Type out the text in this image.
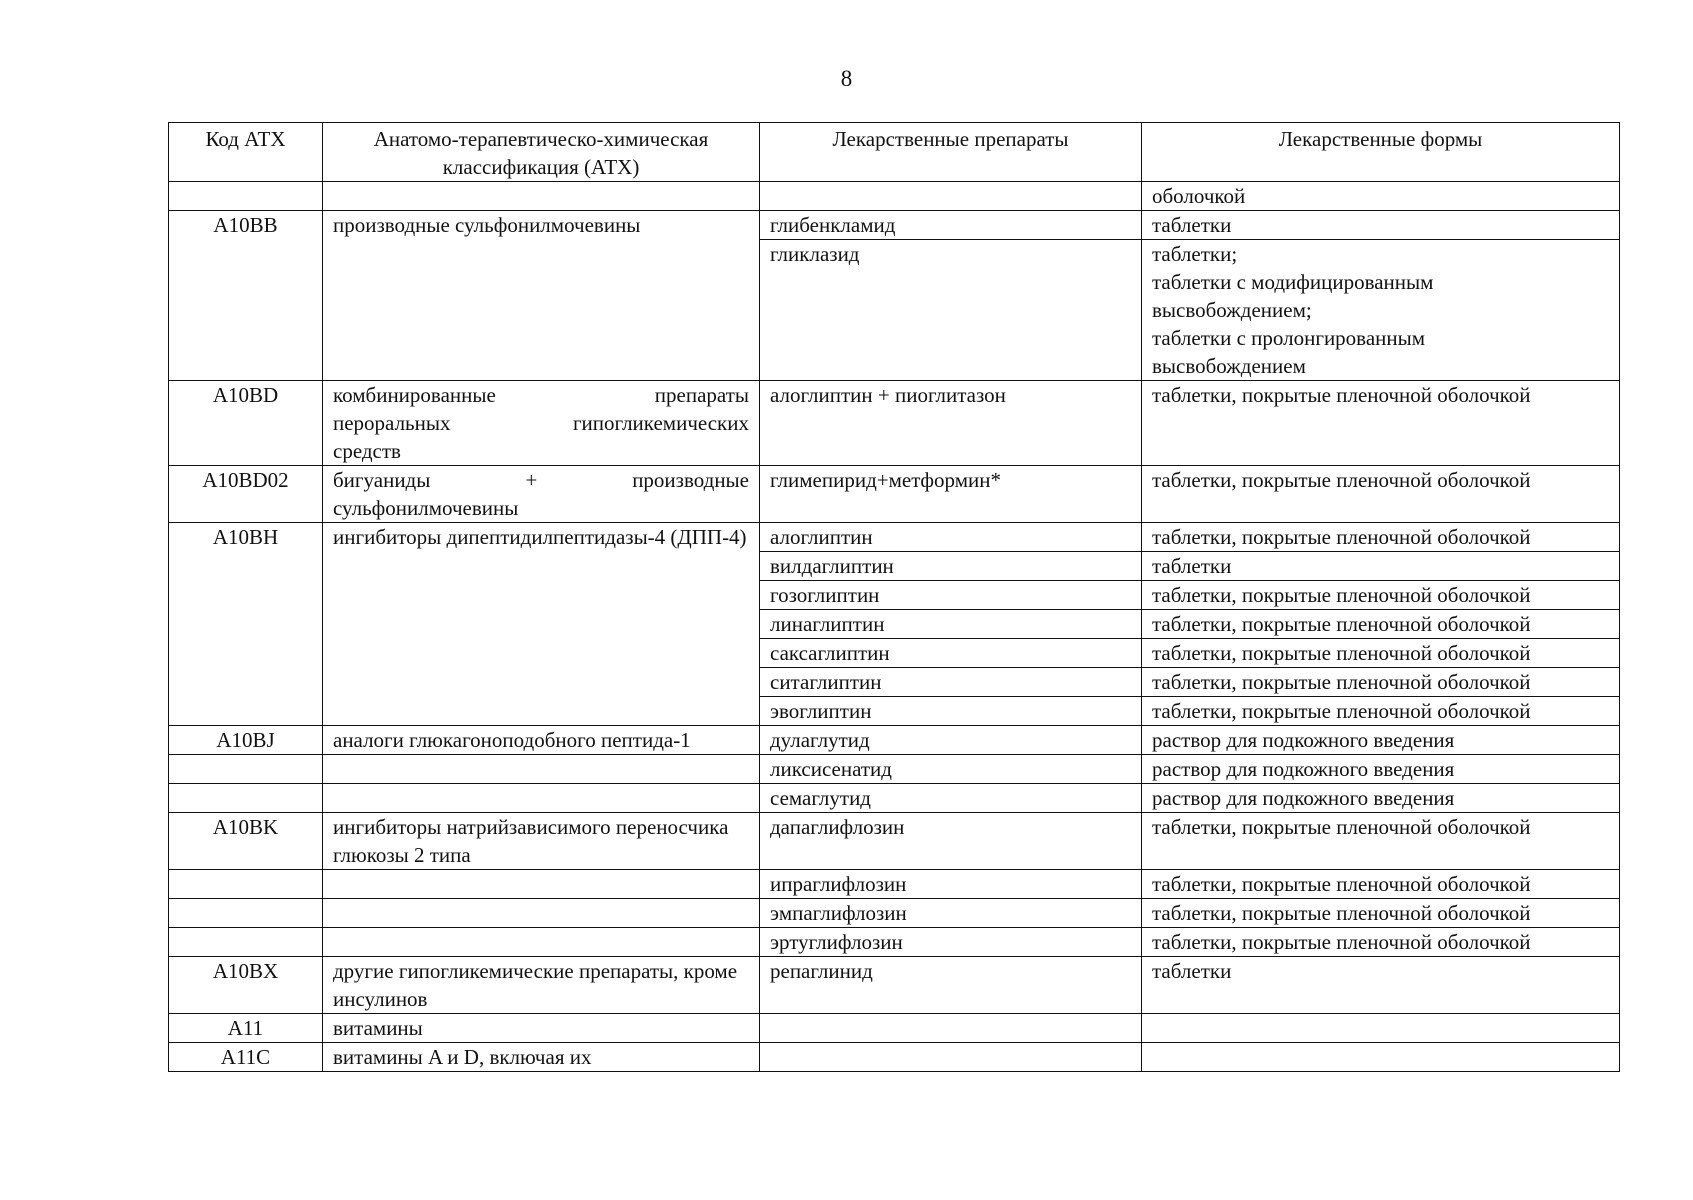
8
Код АТХ	Анатомо-терапевтическо-химическая классификация (АТХ)	Лекарственные препараты	Лекарственные формы
			оболочкой
A10BB	производные сульфонилмочевины	глибенкламид	таблетки
		гликлазид	таблетки;
таблетки с модифицированным
высвобождением;
таблетки с пролонгированным
высвобождением

A10BD	комбинированные препараты
пероральных гипогликемических
средств	алоглиптин + пиоглитазон	таблетки, покрытые пленочной оболочкой
A10BD02	бигуаниды + производные
сульфонилмочевины	глимепирид+метформин*	таблетки, покрытые пленочной оболочкой
A10BH	ингибиторы дипептидилпептидазы-4 (ДПП-4)	алоглиптин	таблетки, покрытые пленочной оболочкой
		вилдаглиптин	таблетки
		гозоглиптин	таблетки, покрытые пленочной оболочкой
		линаглиптин	таблетки, покрытые пленочной оболочкой
		саксаглиптин	таблетки, покрытые пленочной оболочкой
		ситаглиптин	таблетки, покрытые пленочной оболочкой
		эвоглиптин	таблетки, покрытые пленочной оболочкой
A10BJ	аналоги глюкагоноподобного пептида-1	дулаглутид	раствор для подкожного введения
		ликсисенатид	раствор для подкожного введения
		семаглутид	раствор для подкожного введения
A10BK	ингибиторы натрийзависимого переносчика глюкозы 2 типа	дапаглифлозин	таблетки, покрытые пленочной оболочкой
		ипраглифлозин	таблетки, покрытые пленочной оболочкой
		эмпаглифлозин	таблетки, покрытые пленочной оболочкой
		эртуглифлозин	таблетки, покрытые пленочной оболочкой
A10BX	другие гипогликемические препараты, кроме инсулинов	репаглинид	таблетки
A11	витамины		
A11C	витамины A и D, включая их		
